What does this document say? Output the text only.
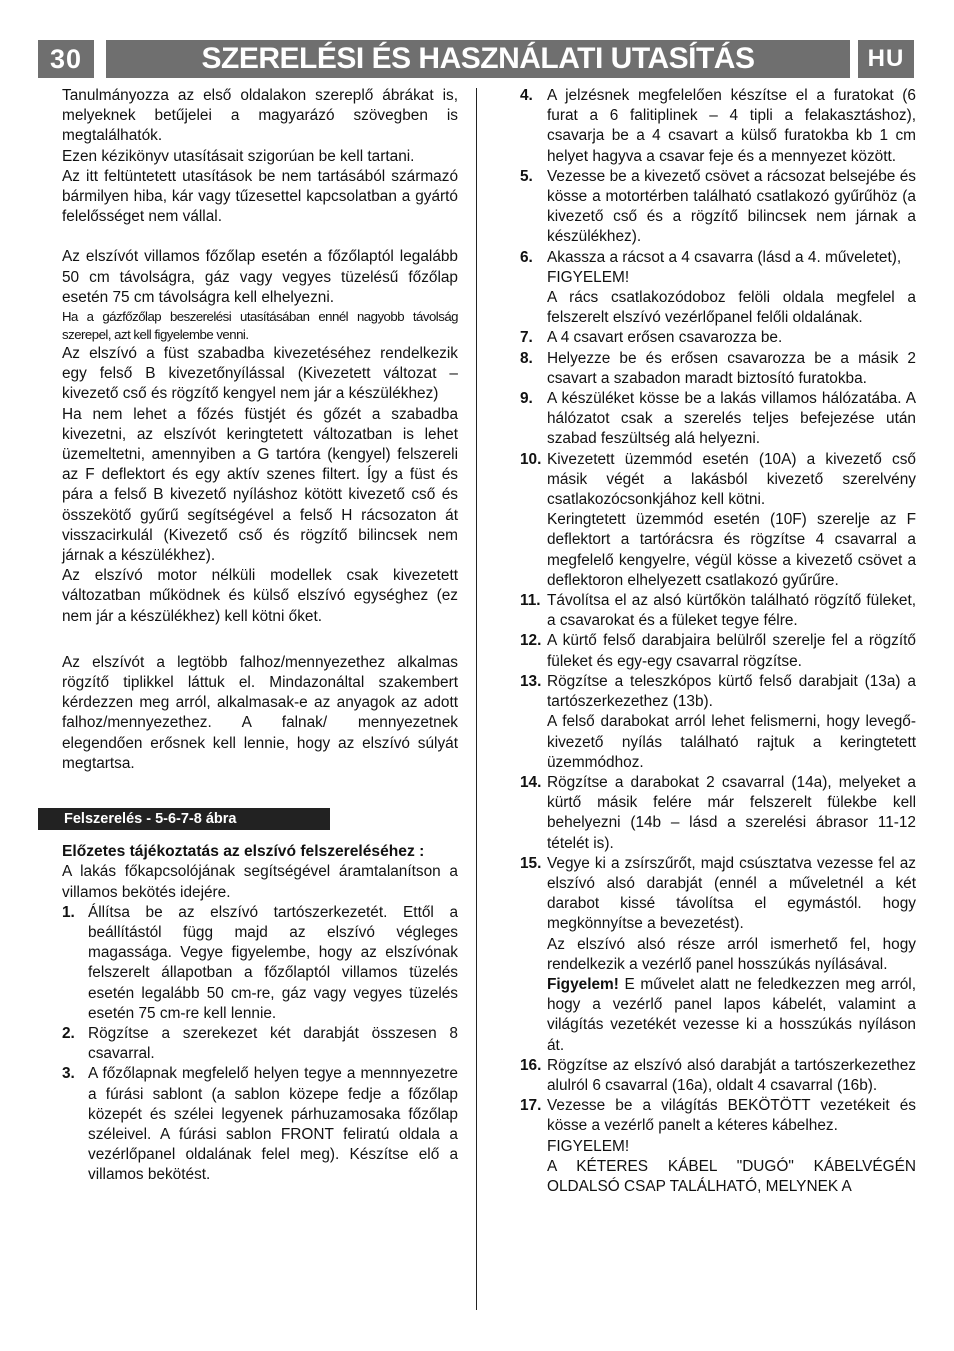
30	SZERELÉSI ÉS HASZNÁLATI UTASÍTÁS	HU

Tanulmányozza az első oldalakon szereplő ábrákat is, melyeknek betűjelei a magyarázó szövegben is megtalálhatók.

Ezen kézikönyv utasításait szigorúan be kell tartani.

Az itt feltüntetett utasítások be nem tartásából származó bármilyen hiba, kár vagy tűzesettel kapcsolatban a gyártó felelősséget nem vállal.

Az elszívót villamos főzőlap esetén a főzőlaptól legalább 50 cm távolságra, gáz vagy vegyes tüzelésű főzőlap esetén 75 cm távolságra kell elhelyezni.

Ha a gázfőzőlap beszerelési utasításában ennél nagyobb távolság szerepel, azt kell figyelembe venni.

Az elszívó a füst szabadba kivezetéséhez rendelkezik egy felső B kivezetőnyílással (Kivezetett változat – kivezető cső és rögzítő kengyel nem jár a készülékhez)

Ha nem lehet a főzés füstjét és gőzét a szabadba kivezetni, az elszívót keringtetett változatban is lehet üzemeltetni, amennyiben a G tartóra (kengyel) felszereli az F deflektort és egy aktív szenes filtert. Így a füst és pára a felső B kivezető nyíláshoz kötött kivezető cső és összekötő gyűrű segítségével a felső H rácsozaton át visszacirkulál (Kivezető cső és rögzítő bilincsek nem járnak a készülékhez).

Az elszívó motor nélküli modellek csak kivezetett változatban működnek és külső elszívó egységhez (ez nem jár a készülékhez) kell kötni őket.

Az elszívót a legtöbb falhoz/mennyezethez alkalmas rögzítő tiplikkel láttuk el. Mindazonáltal szakembert kérdezzen meg arról, alkalmasak-e az anyagok az adott falhoz/mennyezethez. A falnak/ mennyezetnek elegendően erősnek kell lennie, hogy az elszívó súlyát megtartsa.

Felszerelés - 5-6-7-8 ábra

Előzetes tájékoztatás az elszívó felszereléséhez :

A lakás főkapcsolójának segítségével áramtalanítson a villamos bekötés idejére.

1. Állítsa be az elszívó tartószerkezetét. Ettől a beállítástól függ majd az elszívó végleges magassága. Vegye figyelembe, hogy az elszívónak felszerelt állapotban a főzőlaptól villamos tüzelés esetén legalább 50 cm-re, gáz vagy vegyes tüzelés esetén 75 cm-re kell lennie.
2. Rögzítse a szerekezet két darabját összesen 8 csavarral.
3. A főzőlapnak megfelelő helyen tegye a mennnyezetre a fúrási sablont (a sablon közepe fedje a főzőlap közepét és szélei legyenek párhuzamosaka főzőlap széleivel. A fúrási sablon FRONT feliratú oldala a vezérlőpanel oldalának felel meg). Készítse elő a villamos bekötést.
4. A jelzésnek megfelelően készítse el a furatokat (6 furat a 6 falitiplinek – 4 tipli a felakasztáshoz), csavarja be a 4 csavart a külső furatokba kb 1 cm helyet hagyva a csavar feje és a mennyezet között.
5. Vezesse be a kivezető csövet a rácsozat belsejébe és kösse a motortérben található csatlakozó gyűrűhöz (a kivezető cső és a rögzítő bilincsek nem járnak a készülékhez).
6. Akassza a rácsot a 4 csavarra (lásd a 4. műveletet),
FIGYELEM!
A rács csatlakozódoboz felöli oldala megfelel a felszerelt elszívó vezérlőpanel felőli oldalának.
7. A 4 csavart erősen csavarozza be.
8. Helyezze be és erősen csavarozza be a másik 2 csavart a szabadon maradt biztosító furatokba.
9. A készüléket kösse be a lakás villamos hálózatába. A hálózatot csak a szerelés teljes befejezése után szabad feszültség alá helyezni.
10. Kivezetett üzemmód esetén (10A) a kivezető cső másik végét a lakásból kivezető szerelvény csatlakozócsonkjához kell kötni.
Keringtetett üzemmód esetén (10F) szerelje az F deflektort a tartórácsra és rögzítse 4 csavarral a megfelelő kengyelre, végül kösse a kivezető csövet a deflektoron elhelyezett csatlakozó gyűrűre.
11. Távolítsa el az alsó kürtőkön található rögzítő füleket, a csavarokat és a füleket tegye félre.
12. A kürtő felső darabjaira belülről szerelje fel a rögzítő füleket és egy-egy csavarral rögzítse.
13. Rögzítse a teleszkópos kürtő felső darabjait (13a) a tartószerkezethez (13b).
A felső darabokat arról lehet felismerni, hogy levegő-kivezető nyílás található rajtuk a keringtetett üzemmódhoz.
14. Rögzítse a darabokat 2 csavarral (14a), melyeket a kürtő másik felére már felszerelt fülekbe kell behelyezni (14b – lásd a szerelési ábrasor 11-12 tételét is).
15. Vegye ki a zsírszűrőt, majd csúsztatva vezesse fel az elszívó alsó darabját (ennél a műveletnél a két darabot kissé távolítsa el egymástól. hogy megkönnyítse a bevezetést).
Az elszívó alsó része arról ismerhető fel, hogy rendelkezik a vezérlő panel hosszúkás nyílásával.
Figyelem! E művelet alatt ne feledkezzen meg arról, hogy a vezérlő panel lapos kábelét, valamint a világítás vezetékét vezesse ki a hosszúkás nyíláson át.
16. Rögzítse az elszívó alsó darabját a tartószerkezethez alulról 6 csavarral (16a), oldalt 4 csavarral (16b).
17. Vezesse be a világítás BEKÖTÖTT vezetékeit és kösse a vezérlő panelt a kéteres kábelhez.
FIGYELEM!
A KÉTERES KÁBEL "DUGÓ" KÁBELVÉGÉN OLDALSÓ CSAP TALÁLHATÓ, MELYNEK A
